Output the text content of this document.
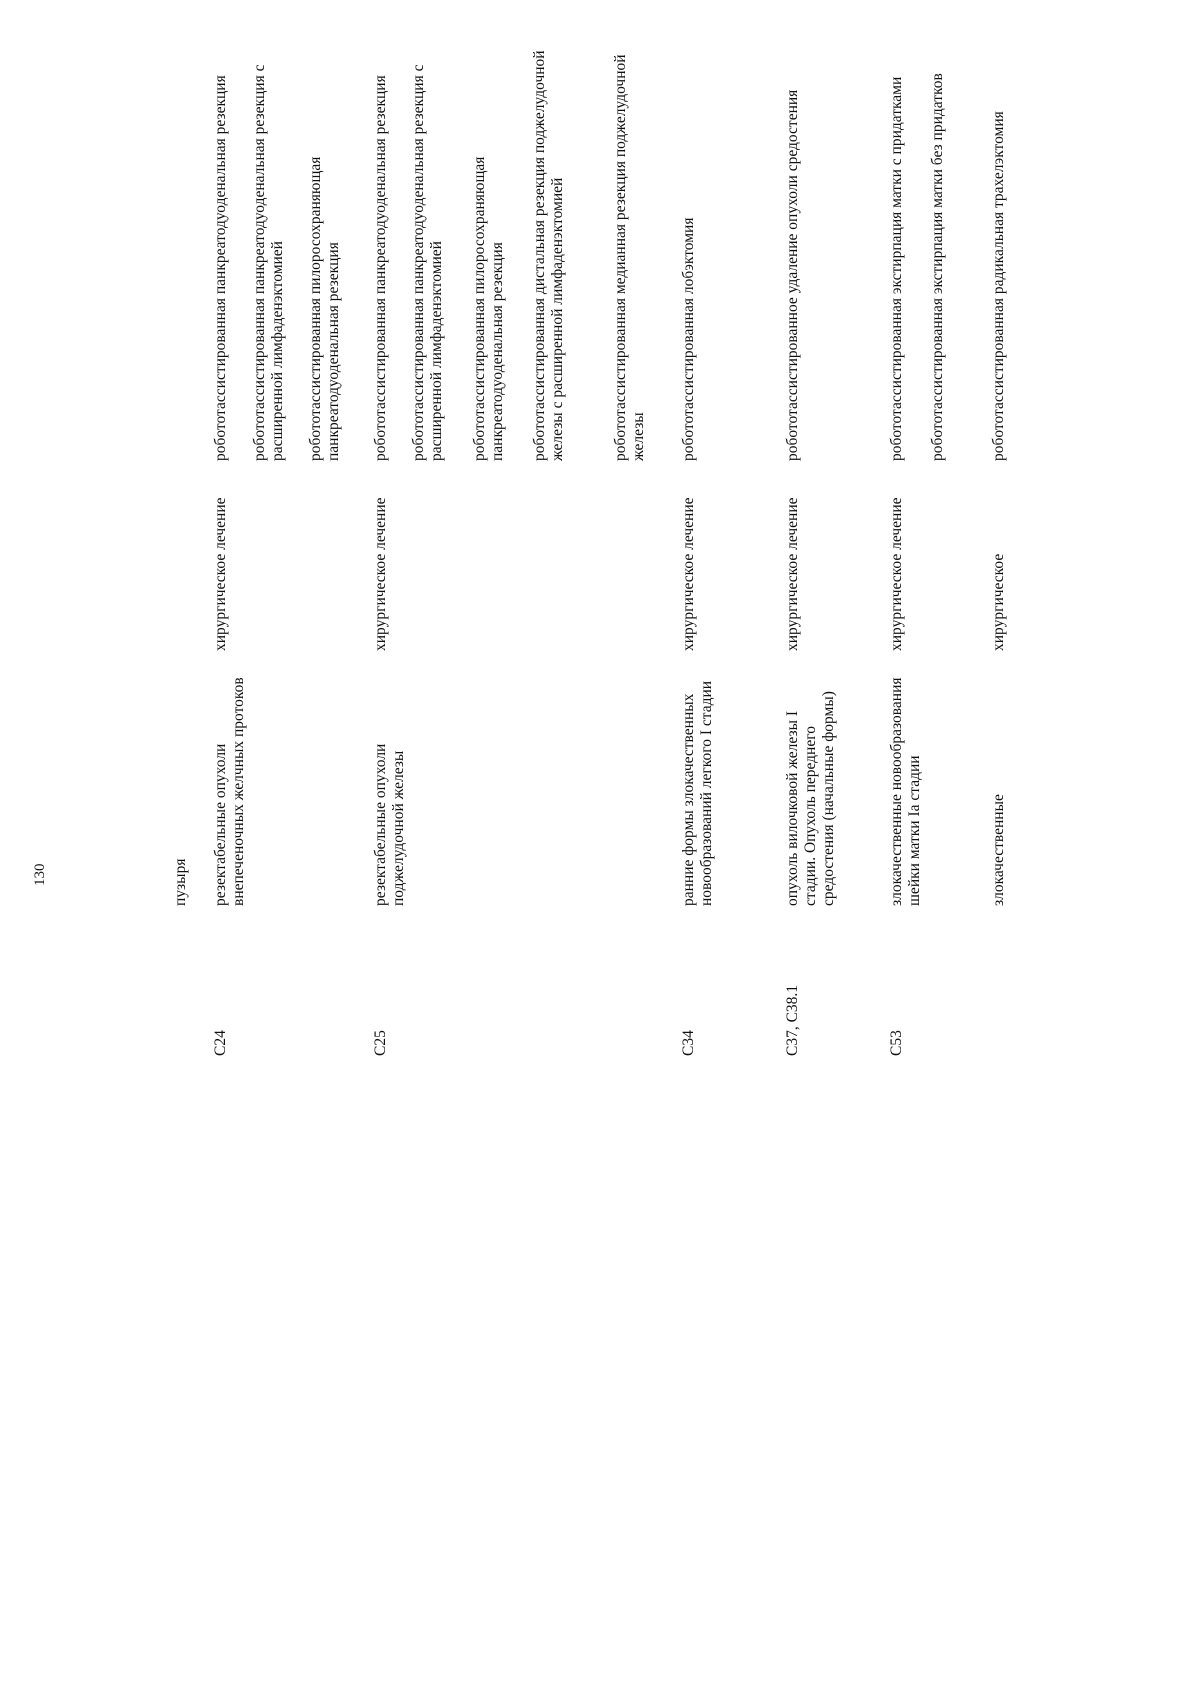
130	пузыря
C24
резектабельные опухоли внепеченочных желчных протоков
хирургическое лечение
робототассистированная панкреатодуоденальная резекция робототассистированная панкреатодуоденальная резекция с расширенной лимфаденэктомией робототассистированная пилоросохраняющая панкреатодуоденальная резекция
C25
резектабельные опухоли поджелудочной железы
хирургическое лечение
робототассистированная панкреатодуоденальная резекция робототассистированная панкреатодуоденальная резекция с расширенной лимфаденэктомией робототассистированная пилоросохраняющая панкреатодуоденальная резекция робототассистированная дистальная резекция поджелудочной железы с расширенной лимфаденэктомией	робототассистированная медианная резекция поджелудочной железы
C34
ранние формы злокачественных новообразований легкого I стадии
хирургическое лечение
робототассистированная лобэктомия
C37, C38.1
опухоль вилочковой железы I стадии. Опухоль переднего средостения (начальные формы)
хирургическое лечение
робототассистированное удаление опухоли средостения
C53
злокачественные новообразования шейки матки Ia стадии
хирургическое лечение
робототассистированная экстирпация матки с придатками робототассистированная экстирпация матки без придатков
злокачественные
хирургическое
робототассистированная радикальная трахелэктомия
